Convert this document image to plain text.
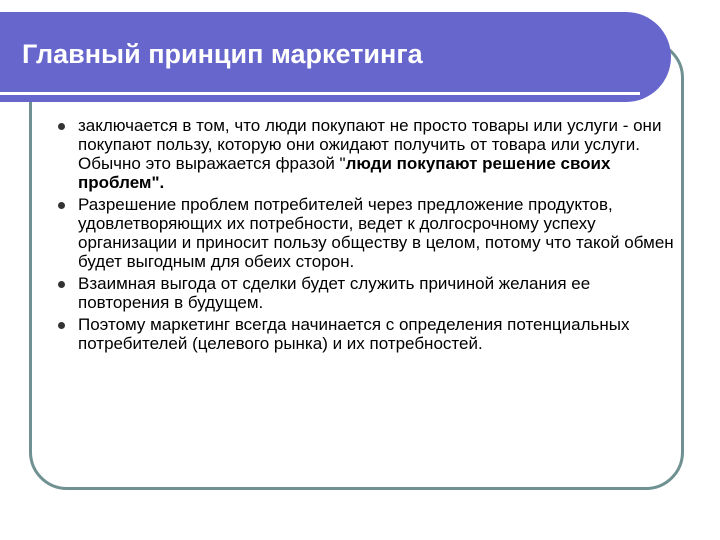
Главный принцип маркетинга
заключается в том, что люди покупают не просто товары или услуги - они покупают пользу, которую они ожидают получить от товара или услуги. Обычно это выражается фразой "люди покупают решение своих проблем".
Разрешение проблем потребителей через предложение продуктов, удовлетворяющих их потребности, ведет к долгосрочному успеху организации и приносит пользу обществу в целом, потому что такой обмен будет выгодным для обеих сторон.
Взаимная выгода от сделки будет служить причиной желания ее повторения в будущем.
Поэтому маркетинг всегда начинается с определения потенциальных потребителей (целевого рынка) и их потребностей.
